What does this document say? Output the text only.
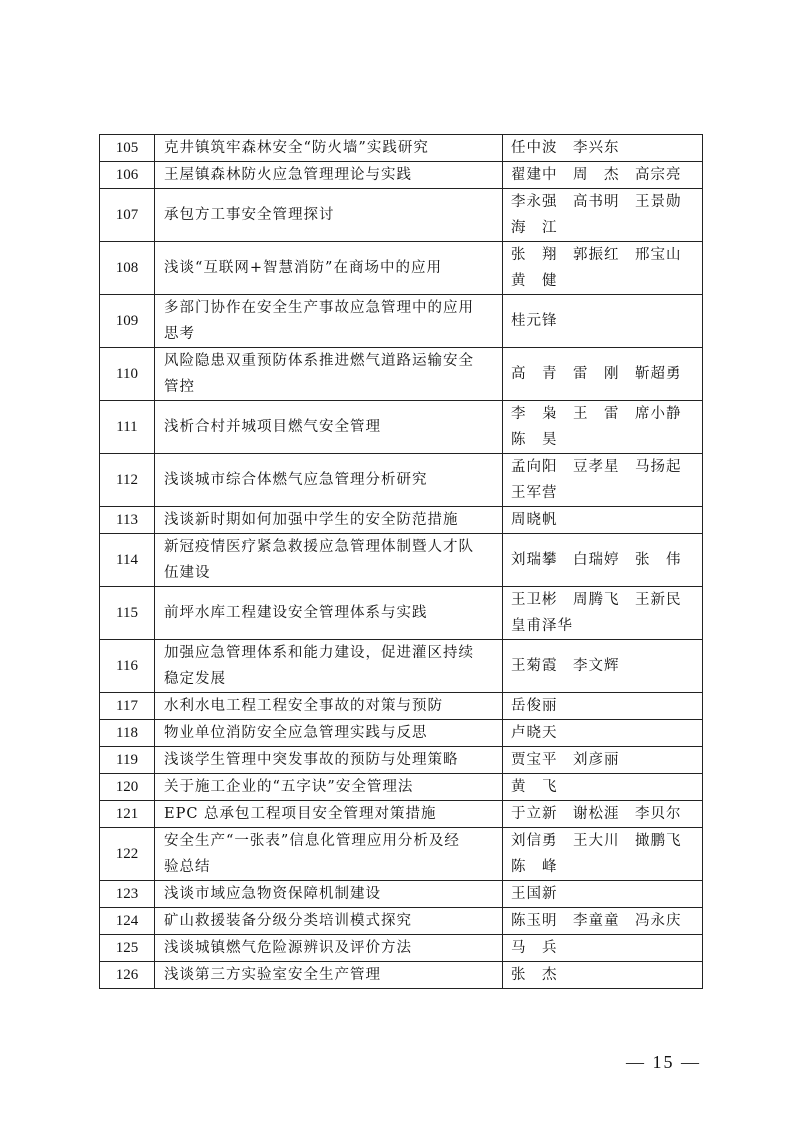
105	克井镇筑牢森林安全“防火墙”实践研究	任中波　李兴东

106	王屋镇森林防火应急管理理论与实践	翟建中　周　杰　高宗亮

107	承包方工事安全管理探讨	李永强　高书明　王景勋
海　江

108	浅谈“互联网+智慧消防”在商场中的应用	张　翔　郭振红　邢宝山
黄　健

109	多部门协作在安全生产事故应急管理中的应用
思考	桂元锋

110	风险隐患双重预防体系推进燃气道路运输安全
管控	高　青　雷　刚　靳超勇

111	浅析合村并城项目燃气安全管理	李　枭　王　雷　席小静
陈　昊

112	浅谈城市综合体燃气应急管理分析研究	孟向阳　豆孝星　马扬起
王军营

113	浅谈新时期如何加强中学生的安全防范措施	周晓帆

114	新冠疫情医疗紧急救援应急管理体制暨人才队
伍建设	刘瑞攀　白瑞婷　张　伟

115	前坪水库工程建设安全管理体系与实践	王卫彬　周腾飞　王新民
皇甫泽华

116	加强应急管理体系和能力建设，促进灌区持续
稳定发展	王菊霞　李文辉

117	水利水电工程工程安全事故的对策与预防	岳俊丽

118	物业单位消防安全应急管理实践与反思	卢晓天

119	浅谈学生管理中突发事故的预防与处理策略	贾宝平　刘彦丽

120	关于施工企业的“五字诀”安全管理法	黄　飞

121	EPC 总承包工程项目安全管理对策措施	于立新　谢松涯　李贝尔

122	安全生产“一张表”信息化管理应用分析及经
验总结	刘信勇　王大川　撖鹏飞
陈　峰

123	浅谈市域应急物资保障机制建设	王国新

124	矿山救援装备分级分类培训模式探究	陈玉明　李童童　冯永庆

125	浅谈城镇燃气危险源辨识及评价方法	马　兵

126	浅谈第三方实验室安全生产管理	张　杰
— 15 —
